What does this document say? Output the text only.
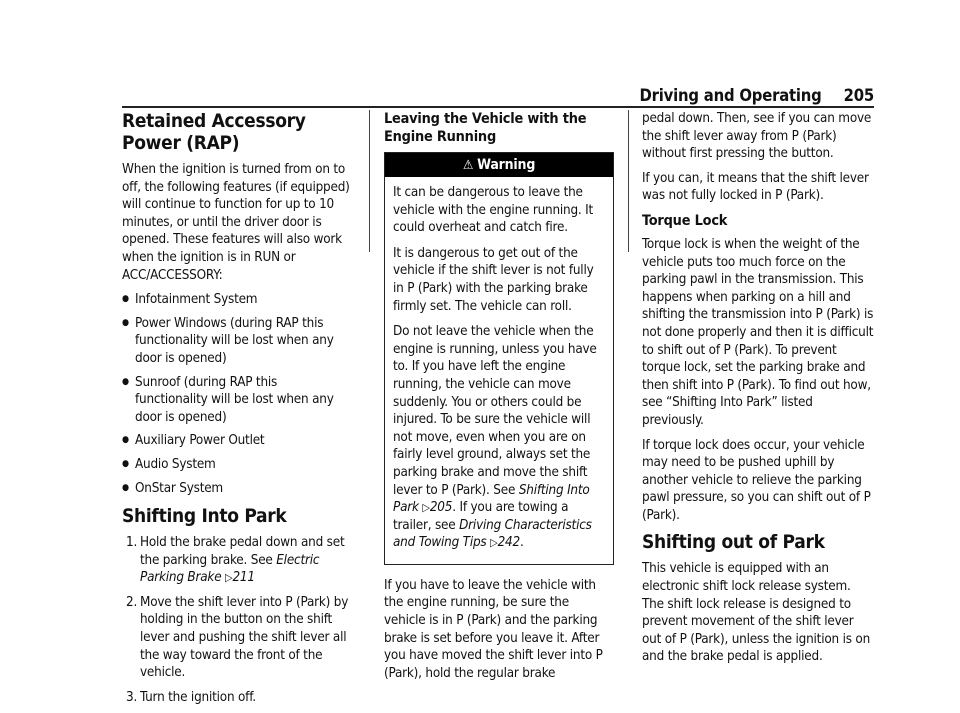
Driving and Operating 205
Retained Accessory Power (RAP)

When the ignition is turned from on to off, the following features (if equipped) will continue to function for up to 10 minutes, or until the driver door is opened. These features will also work when the ignition is in RUN or ACC/ACCESSORY:

● Infotainment System
● Power Windows (during RAP this functionality will be lost when any door is opened)
● Sunroof (during RAP this functionality will be lost when any door is opened)
● Auxiliary Power Outlet
● Audio System
● OnStar System
Shifting Into Park
1. Hold the brake pedal down and set the parking brake. See Electric Parking Brake ▷211
2. Move the shift lever into P (Park) by holding in the button on the shift lever and pushing the shift lever all the way toward the front of the vehicle.
3. Turn the ignition off.
Leaving the Vehicle with the Engine Running
⚠ Warning

It can be dangerous to leave the vehicle with the engine running. It could overheat and catch fire.

It is dangerous to get out of the vehicle if the shift lever is not fully in P (Park) with the parking brake firmly set. The vehicle can roll.

Do not leave the vehicle when the engine is running, unless you have to. If you have left the engine running, the vehicle can move suddenly. You or others could be injured. To be sure the vehicle will not move, even when you are on fairly level ground, always set the parking brake and move the shift lever to P (Park). See Shifting Into Park ▷205. If you are towing a trailer, see Driving Characteristics and Towing Tips ▷242.

If you have to leave the vehicle with the engine running, be sure the vehicle is in P (Park) and the parking brake is set before you leave it. After you have moved the shift lever into P (Park), hold the regular brake

pedal down. Then, see if you can move the shift lever away from P (Park) without first pressing the button.

If you can, it means that the shift lever was not fully locked in P (Park).

Torque Lock

Torque lock is when the weight of the vehicle puts too much force on the parking pawl in the transmission. This happens when parking on a hill and shifting the transmission into P (Park) is not done properly and then it is difficult to shift out of P (Park). To prevent torque lock, set the parking brake and then shift into P (Park). To find out how, see “Shifting Into Park” listed previously.

If torque lock does occur, your vehicle may need to be pushed uphill by another vehicle to relieve the parking pawl pressure, so you can shift out of P (Park).

Shifting out of Park

This vehicle is equipped with an electronic shift lock release system. The shift lock release is designed to prevent movement of the shift lever out of P (Park), unless the ignition is on and the brake pedal is applied.
